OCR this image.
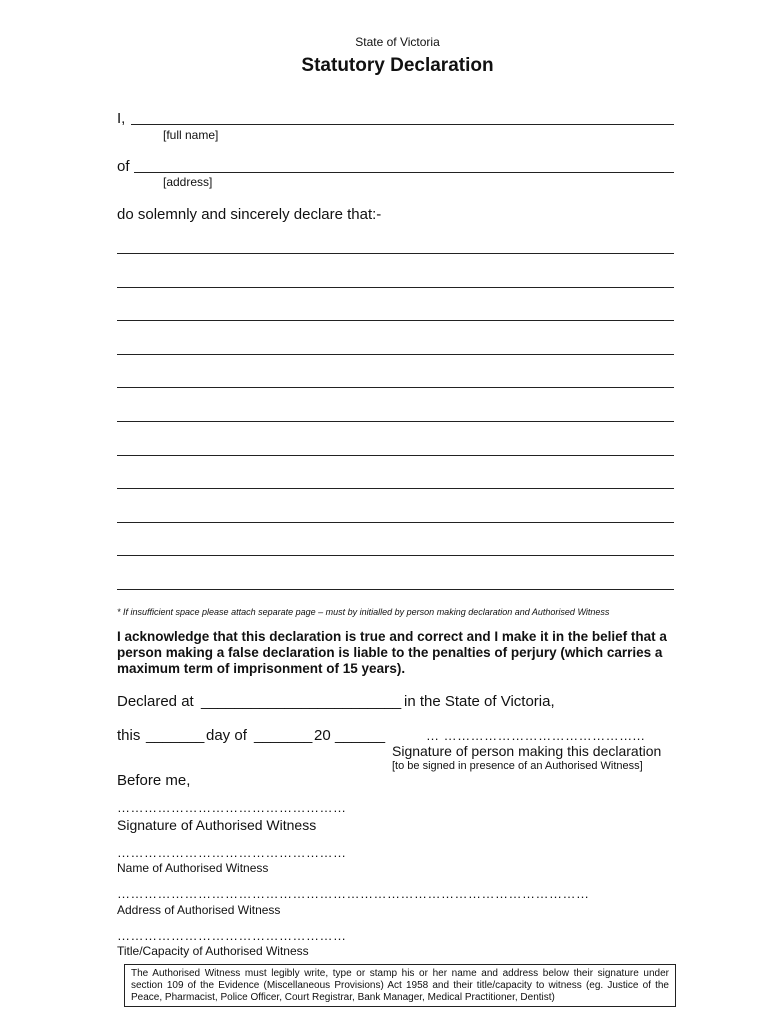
State of Victoria
Statutory Declaration
I,
[full name]
of
[address]
do solemnly and sincerely declare that:-
* If insufficient space please attach separate page – must by initialled by person making declaration and Authorised Witness
I acknowledge that this declaration is true and correct and I make it in the belief that a person making a false declaration is liable to the penalties of perjury (which carries a maximum term of imprisonment of 15 years).
Declared at ________________________ in the State of Victoria,
this _______ day of _______ 20 ______	… ……………………………………...
Signature of person making this declaration
[to be signed in presence of an Authorised Witness]
Before me,
……………………………………………
Signature of Authorised Witness
……………………………………………
Name of Authorised Witness
……………………………………………………………………………………………
Address of Authorised Witness
……………………………………………
Title/Capacity of Authorised Witness
The Authorised Witness must legibly write, type or stamp his or her name and address below their signature under section 109 of the Evidence (Miscellaneous Provisions) Act 1958 and their title/capacity to witness (eg. Justice of the Peace, Pharmacist, Police Officer, Court Registrar, Bank Manager, Medical Practitioner, Dentist)
